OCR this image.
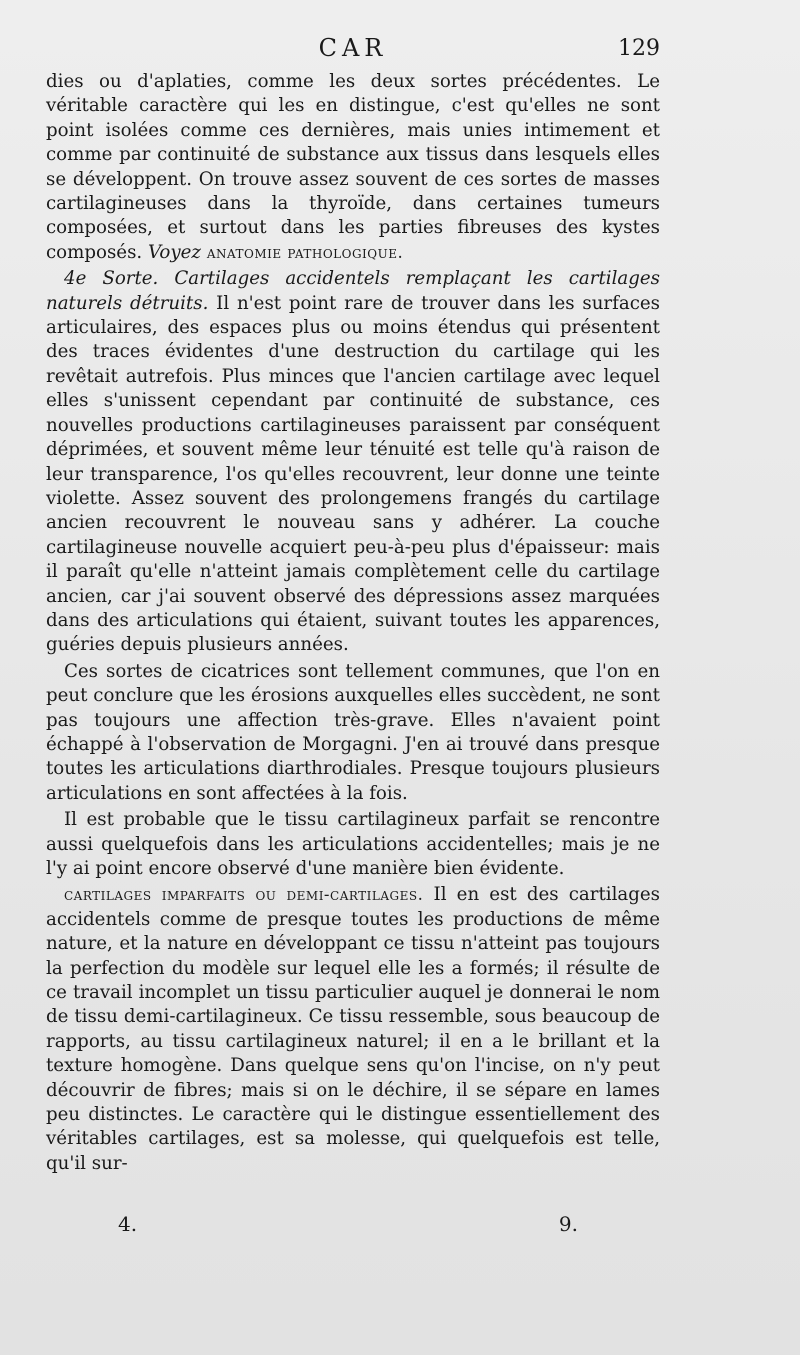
CAR	129

dies ou d'aplaties, comme les deux sortes précédentes. Le véritable caractère qui les en distingue, c'est qu'elles ne sont point isolées comme ces dernières, mais unies intimement et comme par continuité de substance aux tissus dans lesquels elles se développent. On trouve assez souvent de ces sortes de masses cartilagineuses dans la thyroïde, dans certaines tumeurs composées, et surtout dans les parties fibreuses des kystes composés. Voyez anatomie pathologique.

4e Sorte. Cartilages accidentels remplaçant les cartilages naturels détruits. Il n'est point rare de trouver dans les surfaces articulaires, des espaces plus ou moins étendus qui présentent des traces évidentes d'une destruction du cartilage qui les revêtait autrefois. Plus minces que l'ancien cartilage avec lequel elles s'unissent cependant par continuité de substance, ces nouvelles productions cartilagineuses paraissent par conséquent déprimées, et souvent même leur ténuité est telle qu'à raison de leur transparence, l'os qu'elles recouvrent, leur donne une teinte violette. Assez souvent des prolongemens frangés du cartilage ancien recouvrent le nouveau sans y adhérer. La couche cartilagineuse nouvelle acquiert peu-à-peu plus d'épaisseur: mais il paraît qu'elle n'atteint jamais complètement celle du cartilage ancien, car j'ai souvent observé des dépressions assez marquées dans des articulations qui étaient, suivant toutes les apparences, guéries depuis plusieurs années.

Ces sortes de cicatrices sont tellement communes, que l'on en peut conclure que les érosions auxquelles elles succèdent, ne sont pas toujours une affection très-grave. Elles n'avaient point échappé à l'observation de Morgagni. J'en ai trouvé dans presque toutes les articulations diarthrodiales. Presque toujours plusieurs articulations en sont affectées à la fois.

Il est probable que le tissu cartilagineux parfait se rencontre aussi quelquefois dans les articulations accidentelles; mais je ne l'y ai point encore observé d'une manière bien évidente.

cartilages imparfaits ou demi-cartilages. Il en est des cartilages accidentels comme de presque toutes les productions de même nature, et la nature en développant ce tissu n'atteint pas toujours la perfection du modèle sur lequel elle les a formés; il résulte de ce travail incomplet un tissu particulier auquel je donnerai le nom de tissu demi-cartilagineux. Ce tissu ressemble, sous beaucoup de rapports, au tissu cartilagineux naturel; il en a le brillant et la texture homogène. Dans quelque sens qu'on l'incise, on n'y peut découvrir de fibres; mais si on le déchire, il se sépare en lames peu distinctes. Le caractère qui le distingue essentiellement des véritables cartilages, est sa molesse, qui quelquefois est telle, qu'il sur-

4.	9.
